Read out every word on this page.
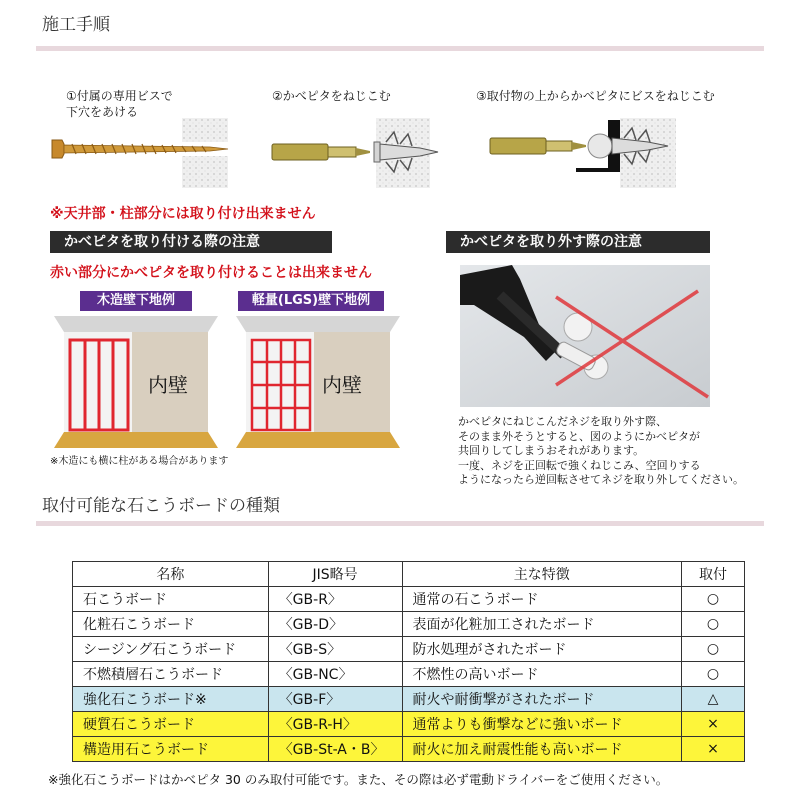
施工手順
①付属の専用ビスで
下穴をあける
②かべピタをねじこむ	③取付物の上からかべピタにビスをねじこむ
※天井部・柱部分には取り付け出来ません
かべピタを取り付ける際の注意	かべピタを取り外す際の注意
赤い部分にかべピタを取り付けることは出来ません
木造壁下地例	軽量(LGS)壁下地例
内壁	内壁
※木造にも横に柱がある場合があります
かべピタにねじこんだネジを取り外す際、
そのまま外そうとすると、図のようにかべピタが
共回りしてしまうおそれがあります。
一度、ネジを正回転で強くねじこみ、空回りする
ようになったら逆回転させてネジを取り外してください。
取付可能な石こうボードの種類
名称	JIS略号	主な特徴	取付
石こうボード	〈GB-R〉	通常の石こうボード	○
化粧石こうボード	〈GB-D〉	表面が化粧加工されたボード	○
シージング石こうボード	〈GB-S〉	防水処理がされたボード	○
不燃積層石こうボード	〈GB-NC〉	不燃性の高いボード	○
強化石こうボード※	〈GB-F〉	耐火や耐衝撃がされたボード	△
硬質石こうボード	〈GB-R-H〉	通常よりも衝撃などに強いボード	×
構造用石こうボード	〈GB-St-A・B〉	耐火に加え耐震性能も高いボード	×
※強化石こうボードはかべピタ 30 のみ取付可能です。また、その際は必ず電動ドライバーをご使用ください。
